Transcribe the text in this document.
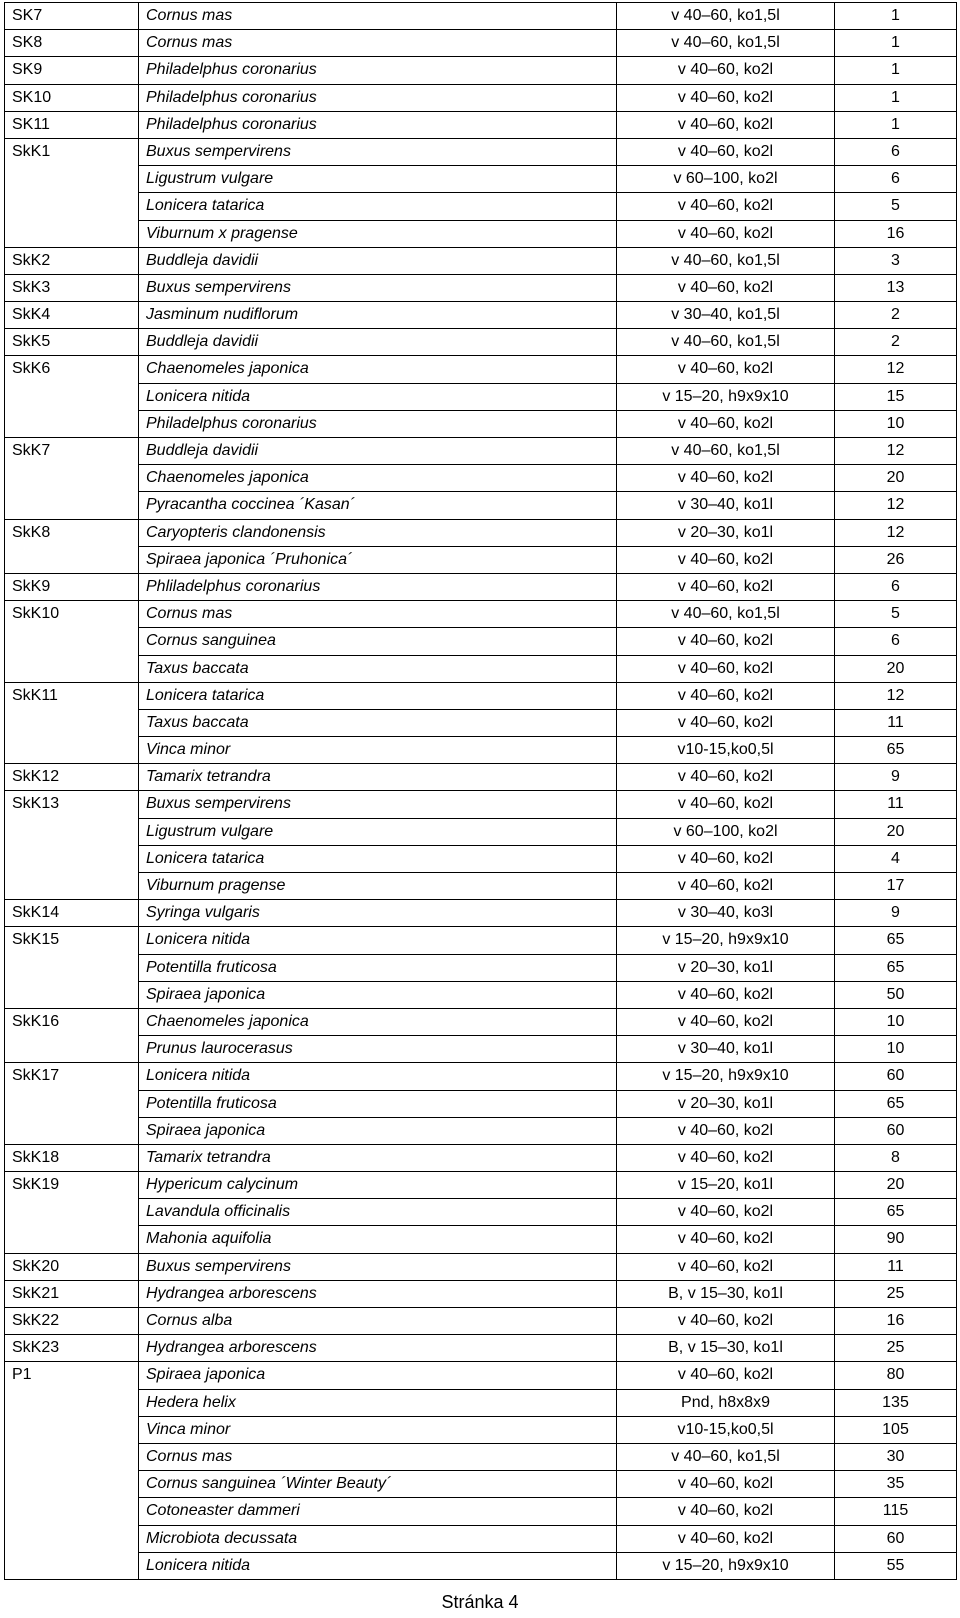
SK7	Cornus mas	v 40–60, ko1,5l	1
SK8	Cornus mas	v 40–60, ko1,5l	1
SK9	Philadelphus coronarius	v 40–60, ko2l	1
SK10	Philadelphus coronarius	v 40–60, ko2l	1
SK11	Philadelphus coronarius	v 40–60, ko2l	1
SkK1	Buxus sempervirens	v 40–60, ko2l	6
	Ligustrum vulgare	v 60–100, ko2l	6
	Lonicera tatarica	v 40–60, ko2l	5
	Viburnum x pragense	v 40–60, ko2l	16
SkK2	Buddleja davidii	v 40–60, ko1,5l	3
SkK3	Buxus sempervirens	v 40–60, ko2l	13
SkK4	Jasminum nudiflorum	v 30–40, ko1,5l	2
SkK5	Buddleja davidii	v 40–60, ko1,5l	2
SkK6	Chaenomeles japonica	v 40–60, ko2l	12
	Lonicera nitida	v 15–20, h9x9x10	15
	Philadelphus coronarius	v 40–60, ko2l	10
SkK7	Buddleja davidii	v 40–60, ko1,5l	12
	Chaenomeles japonica	v 40–60, ko2l	20
	Pyracantha coccinea ´Kasan´	v 30–40, ko1l	12
SkK8	Caryopteris clandonensis	v 20–30, ko1l	12
	Spiraea japonica ´Pruhonica´	v 40–60, ko2l	26
SkK9	Phliladelphus coronarius	v 40–60, ko2l	6
SkK10	Cornus mas	v 40–60, ko1,5l	5
	Cornus sanguinea	v 40–60, ko2l	6
	Taxus baccata	v 40–60, ko2l	20
SkK11	Lonicera tatarica	v 40–60, ko2l	12
	Taxus baccata	v 40–60, ko2l	11
	Vinca minor	v10-15,ko0,5l	65
SkK12	Tamarix tetrandra	v 40–60, ko2l	9
SkK13	Buxus sempervirens	v 40–60, ko2l	11
	Ligustrum vulgare	v 60–100, ko2l	20
	Lonicera tatarica	v 40–60, ko2l	4
	Viburnum pragense	v 40–60, ko2l	17
SkK14	Syringa vulgaris	v 30–40, ko3l	9
SkK15	Lonicera nitida	v 15–20, h9x9x10	65
	Potentilla fruticosa	v 20–30, ko1l	65
	Spiraea japonica	v 40–60, ko2l	50
SkK16	Chaenomeles japonica	v 40–60, ko2l	10
	Prunus laurocerasus	v 30–40, ko1l	10
SkK17	Lonicera nitida	v 15–20, h9x9x10	60
	Potentilla fruticosa	v 20–30, ko1l	65
	Spiraea japonica	v 40–60, ko2l	60
SkK18	Tamarix tetrandra	v 40–60, ko2l	8
SkK19	Hypericum calycinum	v 15–20, ko1l	20
	Lavandula officinalis	v 40–60, ko2l	65
	Mahonia aquifolia	v 40–60, ko2l	90
SkK20	Buxus sempervirens	v 40–60, ko2l	11
SkK21	Hydrangea arborescens	B, v 15–30, ko1l	25
SkK22	Cornus alba	v 40–60, ko2l	16
SkK23	Hydrangea arborescens	B, v 15–30, ko1l	25
P1	Spiraea japonica	v 40–60, ko2l	80
	Hedera helix	Pnd, h8x8x9	135
	Vinca minor	v10-15,ko0,5l	105
	Cornus mas	v 40–60, ko1,5l	30
	Cornus sanguinea ´Winter Beauty´	v 40–60, ko2l	35
	Cotoneaster dammeri	v 40–60, ko2l	115
	Microbiota decussata	v 40–60, ko2l	60
	Lonicera nitida	v 15–20, h9x9x10	55
Stránka 4
